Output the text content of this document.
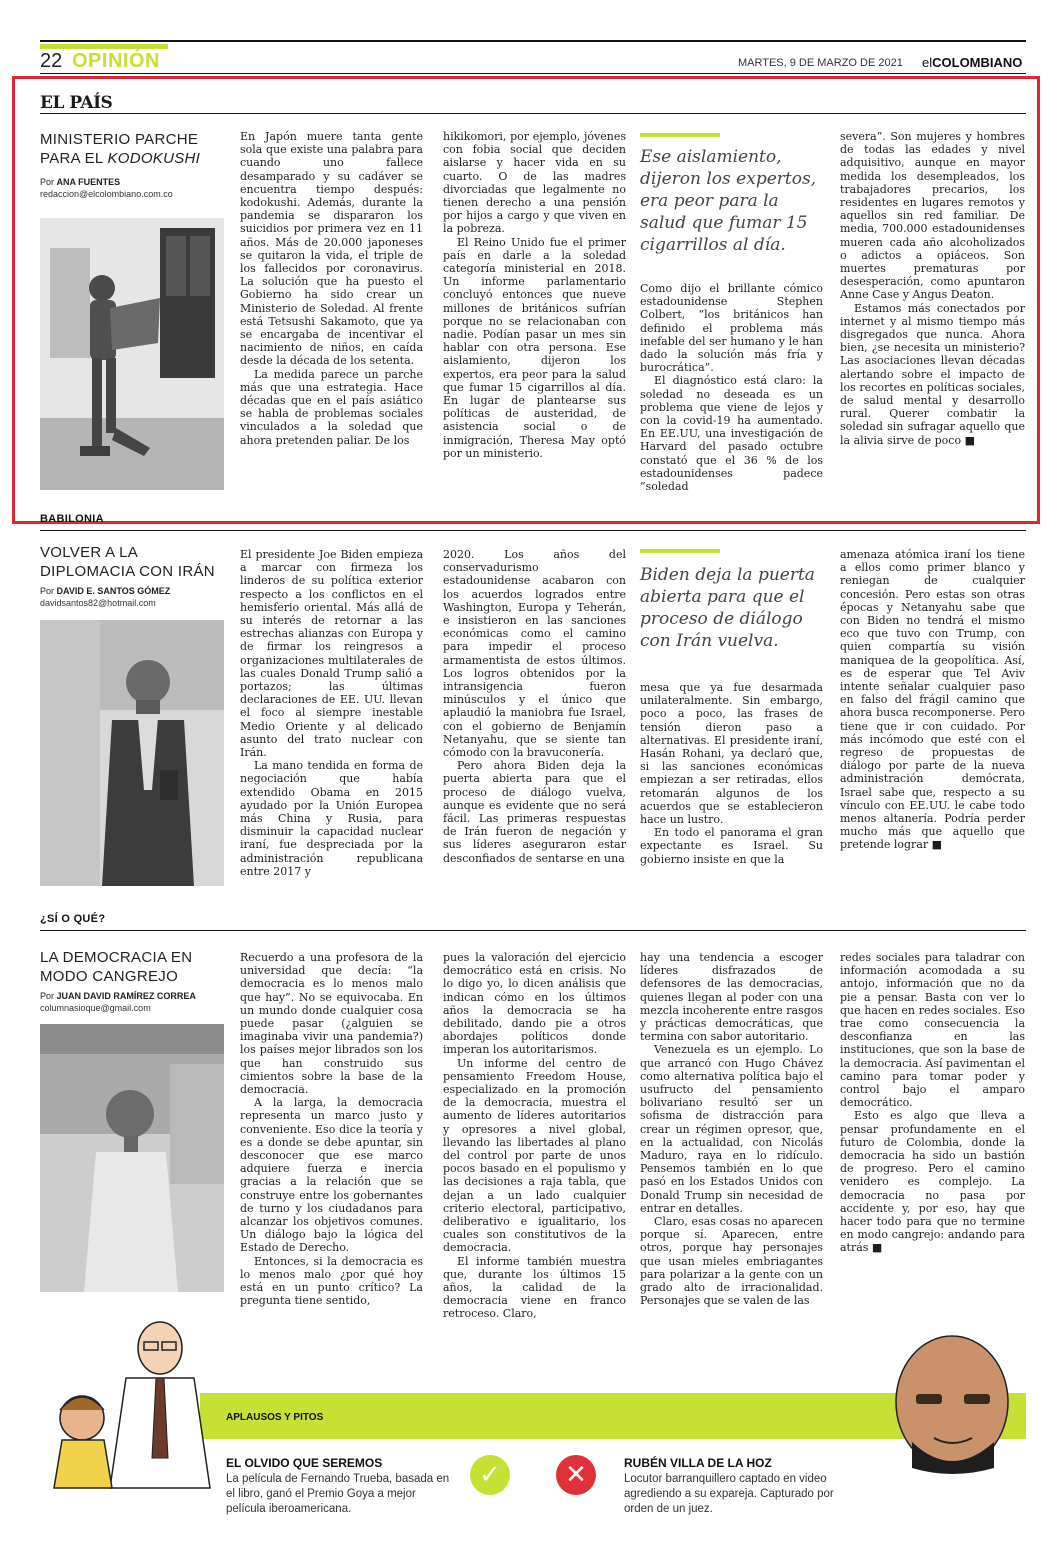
22 OPINIÓN	MARTES, 9 DE MARZO DE 2021 elCOLOMBIANO
EL PAÍS
MINISTERIO PARCHE
PARA EL KODOKUSHI
Por ANA FUENTES
redaccion@elcolombiano.com.co

En Japón muere tanta gente sola que existe una palabra para cuando uno fallece desamparado y su cadáver se encuentra tiempo después: kodokushi. Además, durante la pandemia se dispararon los suicidios por primera vez en 11 años. Más de 20.000 japoneses se quitaron la vida, el triple de los fallecidos por coronavirus. La solución que ha puesto el Gobierno ha sido crear un Ministerio de Soledad. Al frente está Tetsushi Sakamoto, que ya se encargaba de incentivar el nacimiento de niños, en caída desde la década de los setenta.

La medida parece un parche más que una estrategia. Hace décadas que en el país asiático se habla de problemas sociales vinculados a la soledad que ahora pretenden paliar. De los

hikikomori, por ejemplo, jóvenes con fobia social que deciden aislarse y hacer vida en su cuarto. O de las madres divorciadas que legalmente no tienen derecho a una pensión por hijos a cargo y que viven en la pobreza.

El Reino Unido fue el primer país en darle a la soledad categoría ministerial en 2018. Un informe parlamentario concluyó entonces que nueve millones de británicos sufrían porque no se relacionaban con nadie. Podían pasar un mes sin hablar con otra persona. Ese aislamiento, dijeron los expertos, era peor para la salud que fumar 15 cigarrillos al día. En lugar de plantearse sus políticas de austeridad, de asistencia social o de inmigración, Theresa May optó por un ministerio.

Ese aislamiento, dijeron los expertos, era peor para la salud que fumar 15 cigarrillos al día.

Como dijo el brillante cómico estadounidense Stephen Colbert, “los británicos han definido el problema más inefable del ser humano y le han dado la solución más fría y burocrática”.

El diagnóstico está claro: la soledad no deseada es un problema que viene de lejos y con la covid-19 ha aumentado. En EE.UU, una investigación de Harvard del pasado octubre constató que el 36 % de los estadounidenses padece “soledad

severa”. Son mujeres y hombres de todas las edades y nivel adquisitivo, aunque en mayor medida los desempleados, los trabajadores precarios, los residentes en lugares remotos y aquellos sin red familiar. De media, 700.000 estadounidenses mueren cada año alcoholizados o adictos a opiáceos. Son muertes prematuras por desesperación, como apuntaron Anne Case y Angus Deaton.

Estamos más conectados por internet y al mismo tiempo más disgregados que nunca. Ahora bien, ¿se necesita un ministerio? Las asociaciones llevan décadas alertando sobre el impacto de los recortes en políticas sociales, de salud mental y desarrollo rural. Querer combatir la soledad sin sufragar aquello que la alivia sirve de poco ■

BABILONIA
VOLVER A LA
DIPLOMACIA CON IRÁN
Por DAVID E. SANTOS GÓMEZ
davidsantos82@hotmail.com

El presidente Joe Biden empieza a marcar con firmeza los linderos de su política exterior respecto a los conflictos en el hemisferio oriental. Más allá de su interés de retornar a las estrechas alianzas con Europa y de firmar los reingresos a organizaciones multilaterales de las cuales Donald Trump salió a portazos; las últimas declaraciones de EE. UU. llevan el foco al siempre inestable Medio Oriente y al delicado asunto del trato nuclear con Irán.

La mano tendida en forma de negociación que había extendido Obama en 2015 ayudado por la Unión Europea más China y Rusia, para disminuir la capacidad nuclear iraní, fue despreciada por la administración republicana entre 2017 y

2020. Los años del conservadurismo estadounidense acabaron con los acuerdos logrados entre Washington, Europa y Teherán, e insistieron en las sanciones económicas como el camino para impedir el proceso armamentista de estos últimos. Los logros obtenidos por la intransigencia fueron minúsculos y el único que aplaudió la maniobra fue Israel, con el gobierno de Benjamín Netanyahu, que se siente tan cómodo con la bravuconería.

Pero ahora Biden deja la puerta abierta para que el proceso de diálogo vuelva, aunque es evidente que no será fácil. Las primeras respuestas de Irán fueron de negación y sus líderes aseguraron estar desconfiados de sentarse en una

Biden deja la puerta abierta para que el proceso de diálogo con Irán vuelva.

mesa que ya fue desarmada unilateralmente. Sin embargo, poco a poco, las frases de tensión dieron paso a alternativas. El presidente iraní, Hasán Rohani, ya declaró que, si las sanciones económicas empiezan a ser retiradas, ellos retomarán algunos de los acuerdos que se establecieron hace un lustro.

En todo el panorama el gran expectante es Israel. Su gobierno insiste en que la

amenaza atómica iraní los tiene a ellos como primer blanco y reniegan de cualquier concesión. Pero estas son otras épocas y Netanyahu sabe que con Biden no tendrá el mismo eco que tuvo con Trump, con quien compartía su visión maniquea de la geopolítica. Así, es de esperar que Tel Aviv intente señalar cualquier paso en falso del frágil camino que ahora busca recomponerse. Pero tiene que ir con cuidado. Por más incómodo que esté con el regreso de propuestas de diálogo por parte de la nueva administración demócrata, Israel sabe que, respecto a su vínculo con EE.UU. le cabe todo menos altanería. Podría perder mucho más que aquello que pretende lograr ■

¿SÍ O QUÉ?
LA DEMOCRACIA EN
MODO CANGREJO
Por JUAN DAVID RAMÍREZ CORREA
columnasioque@gmail.com

Recuerdo a una profesora de la universidad que decía: “la democracia es lo menos malo que hay”. No se equivocaba. En un mundo donde cualquier cosa puede pasar (¿alguien se imaginaba vivir una pandemia?) los países mejor librados son los que han construido sus cimientos sobre la base de la democracia.

A la larga, la democracia representa un marco justo y conveniente. Eso dice la teoría y es a donde se debe apuntar, sin desconocer que ese marco adquiere fuerza e inercia gracias a la relación que se construye entre los gobernantes de turno y los ciudadanos para alcanzar los objetivos comunes. Un diálogo bajo la lógica del Estado de Derecho.

Entonces, si la democracia es lo menos malo ¿por qué hoy está en un punto crítico? La pregunta tiene sentido,

pues la valoración del ejercicio democrático está en crisis. No lo digo yo, lo dicen análisis que indican cómo en los últimos años la democracia se ha debilitado, dando pie a otros abordajes políticos donde imperan los autoritarismos.

Un informe del centro de pensamiento Freedom House, especializado en la promoción de la democracia, muestra el aumento de líderes autoritarios y opresores a nivel global, llevando las libertades al plano del control por parte de unos pocos basado en el populismo y las decisiones a raja tabla, que dejan a un lado cualquier criterio electoral, participativo, deliberativo e igualitario, los cuales son constitutivos de la democracia.

El informe también muestra que, durante los últimos 15 años, la calidad de la democracia viene en franco retroceso. Claro,

hay una tendencia a escoger líderes disfrazados de defensores de las democracias, quienes llegan al poder con una mezcla incoherente entre rasgos y prácticas democráticas, que termina con sabor autoritario.

Venezuela es un ejemplo. Lo que arrancó con Hugo Chávez como alternativa política bajo el usufructo del pensamiento bolivariano resultó ser un sofisma de distracción para crear un régimen opresor, que, en la actualidad, con Nicolás Maduro, raya en lo ridículo. Pensemos también en lo que pasó en los Estados Unidos con Donald Trump sin necesidad de entrar en detalles.

Claro, esas cosas no aparecen porque sí. Aparecen, entre otros, porque hay personajes que usan mieles embriagantes para polarizar a la gente con un grado alto de irracionalidad. Personajes que se valen de las

redes sociales para taladrar con información acomodada a su antojo, información que no da pie a pensar. Basta con ver lo que hacen en redes sociales. Eso trae como consecuencia la desconfianza en las instituciones, que son la base de la democracia. Así pavimentan el camino para tomar poder y control bajo el amparo democrático.

Esto es algo que lleva a pensar profundamente en el futuro de Colombia, donde la democracia ha sido un bastión de progreso. Pero el camino venidero es complejo. La democracia no pasa por accidente y, por eso, hay que hacer todo para que no termine en modo cangrejo: andando para atrás ■

APLAUSOS Y PITOS
EL OLVIDO QUE SEREMOS
La película de Fernando Trueba, basada en el libro, ganó el Premio Goya a mejor película iberoamericana.
✓	✕	RUBÉN VILLA DE LA HOZ
Locutor barranquillero captado en video agrediendo a su expareja. Capturado por orden de un juez.
